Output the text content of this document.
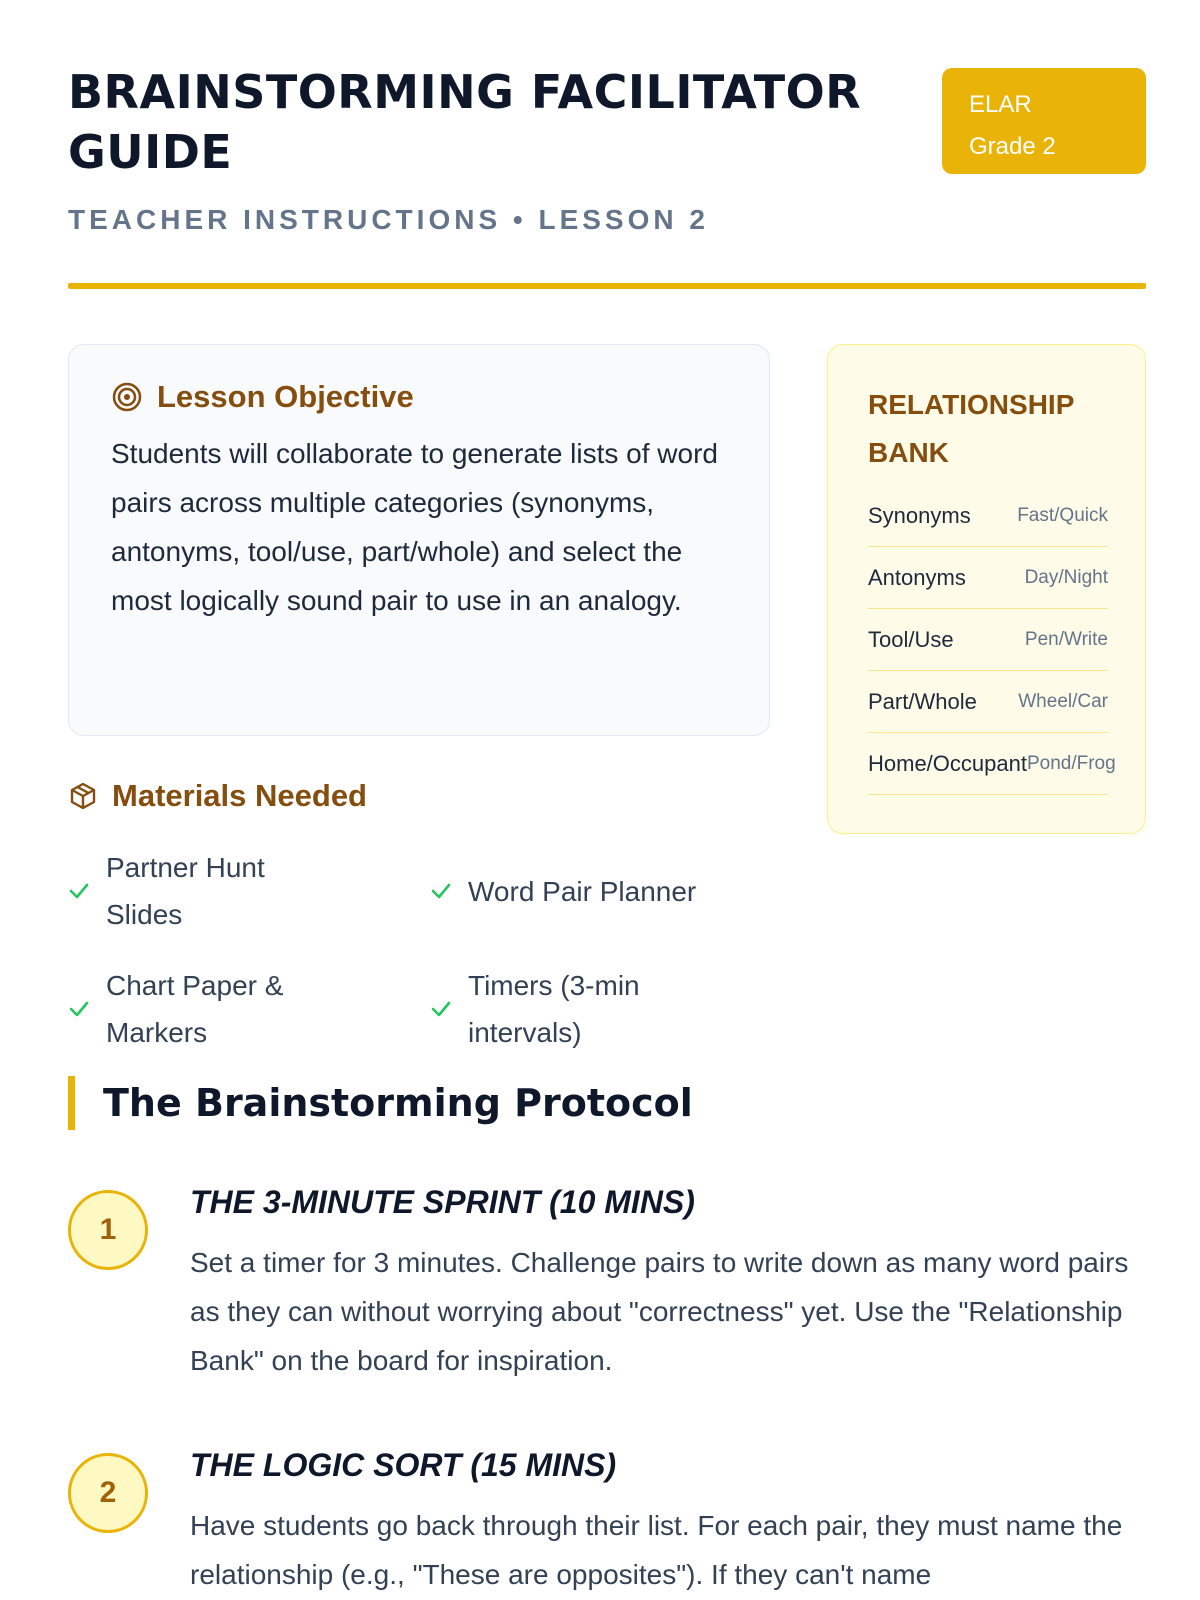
BRAINSTORMING FACILITATOR GUIDE
ELAR
Grade 2
TEACHER INSTRUCTIONS • LESSON 2
Lesson Objective

Students will collaborate to generate lists of word pairs across multiple categories (synonyms, antonyms, tool/use, part/whole) and select the most logically sound pair to use in an analogy.

Materials Needed
Partner Hunt Slides
Word Pair Planner
Chart Paper & Markers
Timers (3-min intervals)
RELATIONSHIP BANK
Synonyms Fast/Quick
Antonyms	Day/Night
Tool/Use	Pen/Write
Part/Whole Wheel/Car
Home/Occupant Pond/Frog
The Brainstorming Protocol
1
THE 3-MINUTE SPRINT (10 MINS)
Set a timer for 3 minutes. Challenge pairs to write down as many word pairs as they can without worrying about "correctness" yet. Use the "Relationship Bank" on the board for inspiration.
2
THE LOGIC SORT (15 MINS)
Have students go back through their list. For each pair, they must name the relationship (e.g., "These are opposites"). If they can't name
